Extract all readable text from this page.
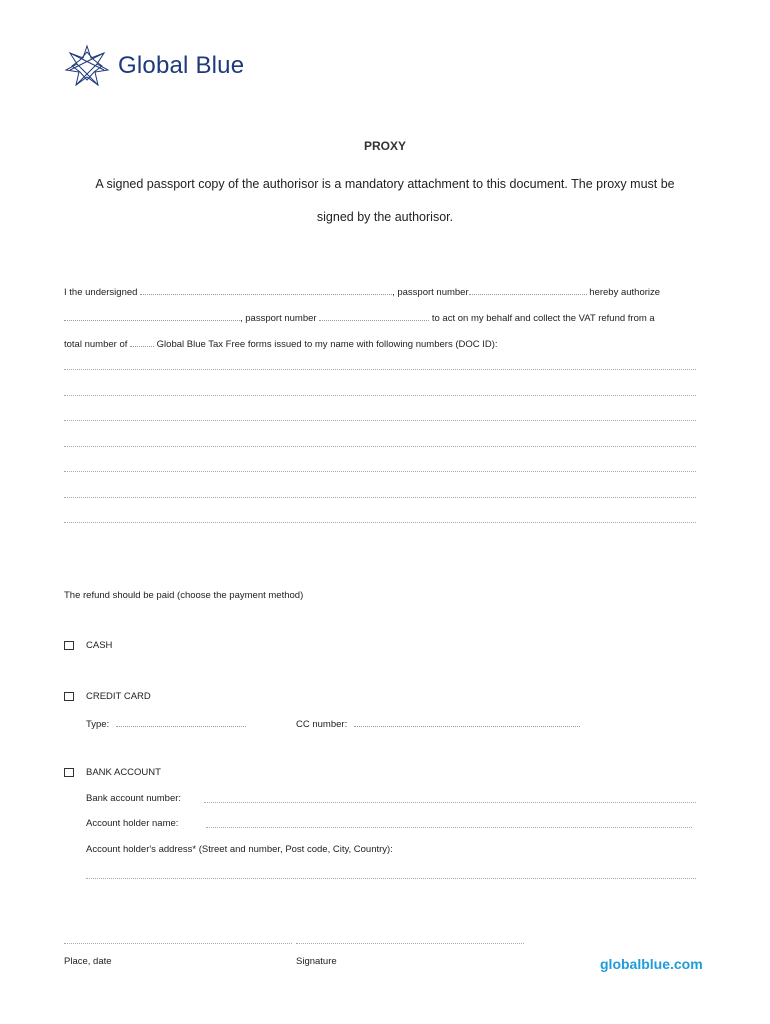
Global Blue
PROXY
A signed passport copy of the authorisor is a mandatory attachment to this document. The proxy must be
signed by the authorisor.
I the undersigned	, passport number	hereby authorize
, passport number	to act on my behalf and collect the VAT refund from a
total number of	Global Blue Tax Free forms issued to my name with following numbers (DOC ID):
The refund should be paid (choose the payment method)
CASH
CREDIT CARD
Type:	CC number:
BANK ACCOUNT
Bank account number:
Account holder name:
Account holder's address* (Street and number, Post code, City, Country):
Place, date	Signature	globalblue.com
